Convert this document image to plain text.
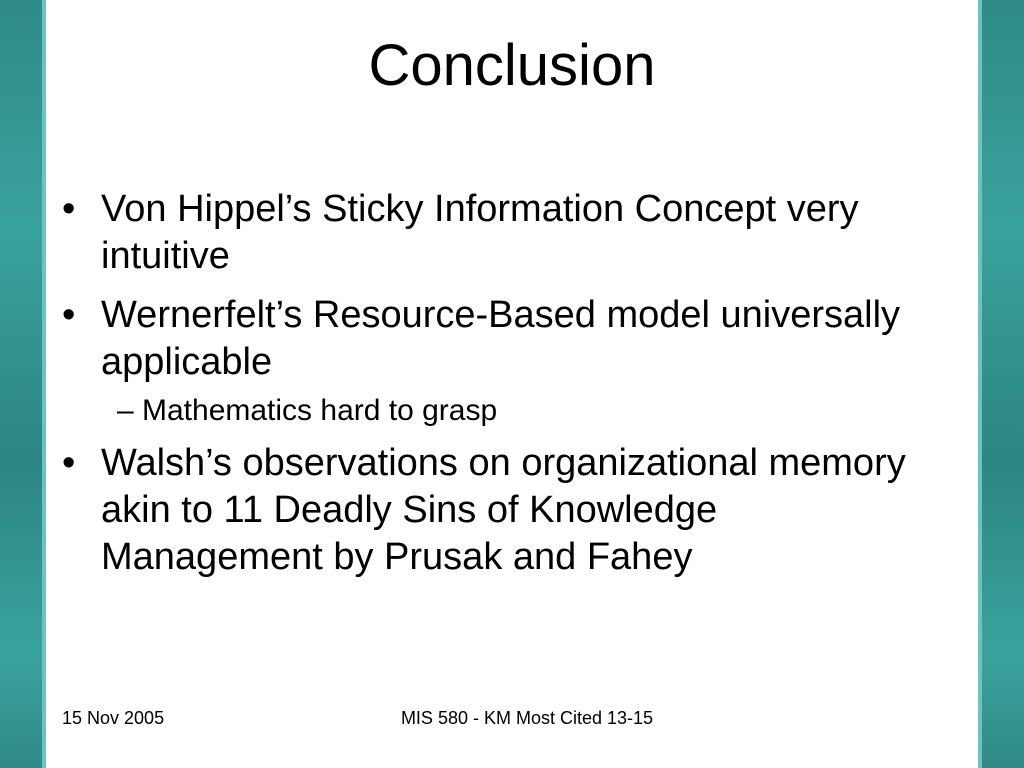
Conclusion
• Von Hippel’s Sticky Information Concept very intuitive
• Wernerfelt’s Resource-Based model universally applicable
– Mathematics hard to grasp
• Walsh’s observations on organizational memory akin to 11 Deadly Sins of Knowledge Management by Prusak and Fahey
15 Nov 2005	MIS 580 - KM Most Cited 13-15
